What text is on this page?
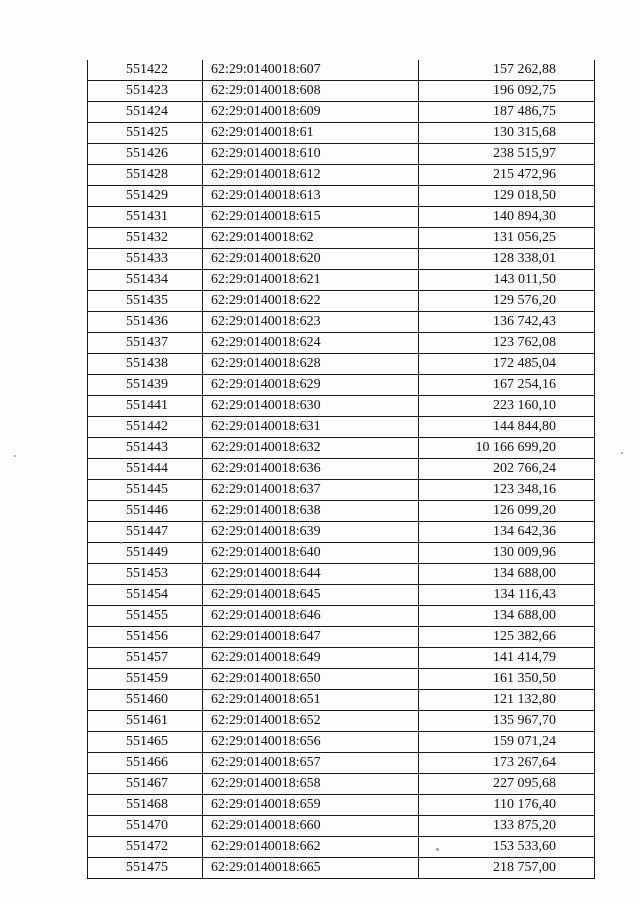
551422	62:29:0140018:607	157 262,88
551423	62:29:0140018:608	196 092,75
551424	62:29:0140018:609	187 486,75
551425	62:29:0140018:61	130 315,68
551426	62:29:0140018:610	238 515,97
551428	62:29:0140018:612	215 472,96
551429	62:29:0140018:613	129 018,50
551431	62:29:0140018:615	140 894,30
551432	62:29:0140018:62	131 056,25
551433	62:29:0140018:620	128 338,01
551434	62:29:0140018:621	143 011,50
551435	62:29:0140018:622	129 576,20
551436	62:29:0140018:623	136 742,43
551437	62:29:0140018:624	123 762,08
551438	62:29:0140018:628	172 485,04
551439	62:29:0140018:629	167 254,16
551441	62:29:0140018:630	223 160,10
551442	62:29:0140018:631	144 844,80
551443	62:29:0140018:632	10 166 699,20
551444	62:29:0140018:636	202 766,24
551445	62:29:0140018:637	123 348,16
551446	62:29:0140018:638	126 099,20
551447	62:29:0140018:639	134 642,36
551449	62:29:0140018:640	130 009,96
551453	62:29:0140018:644	134 688,00
551454	62:29:0140018:645	134 116,43
551455	62:29:0140018:646	134 688,00
551456	62:29:0140018:647	125 382,66
551457	62:29:0140018:649	141 414,79
551459	62:29:0140018:650	161 350,50
551460	62:29:0140018:651	121 132,80
551461	62:29:0140018:652	135 967,70
551465	62:29:0140018:656	159 071,24
551466	62:29:0140018:657	173 267,64
551467	62:29:0140018:658	227 095,68
551468	62:29:0140018:659	110 176,40
551470	62:29:0140018:660	133 875,20
551472	62:29:0140018:662	153 533,60
551475	62:29:0140018:665	218 757,00
